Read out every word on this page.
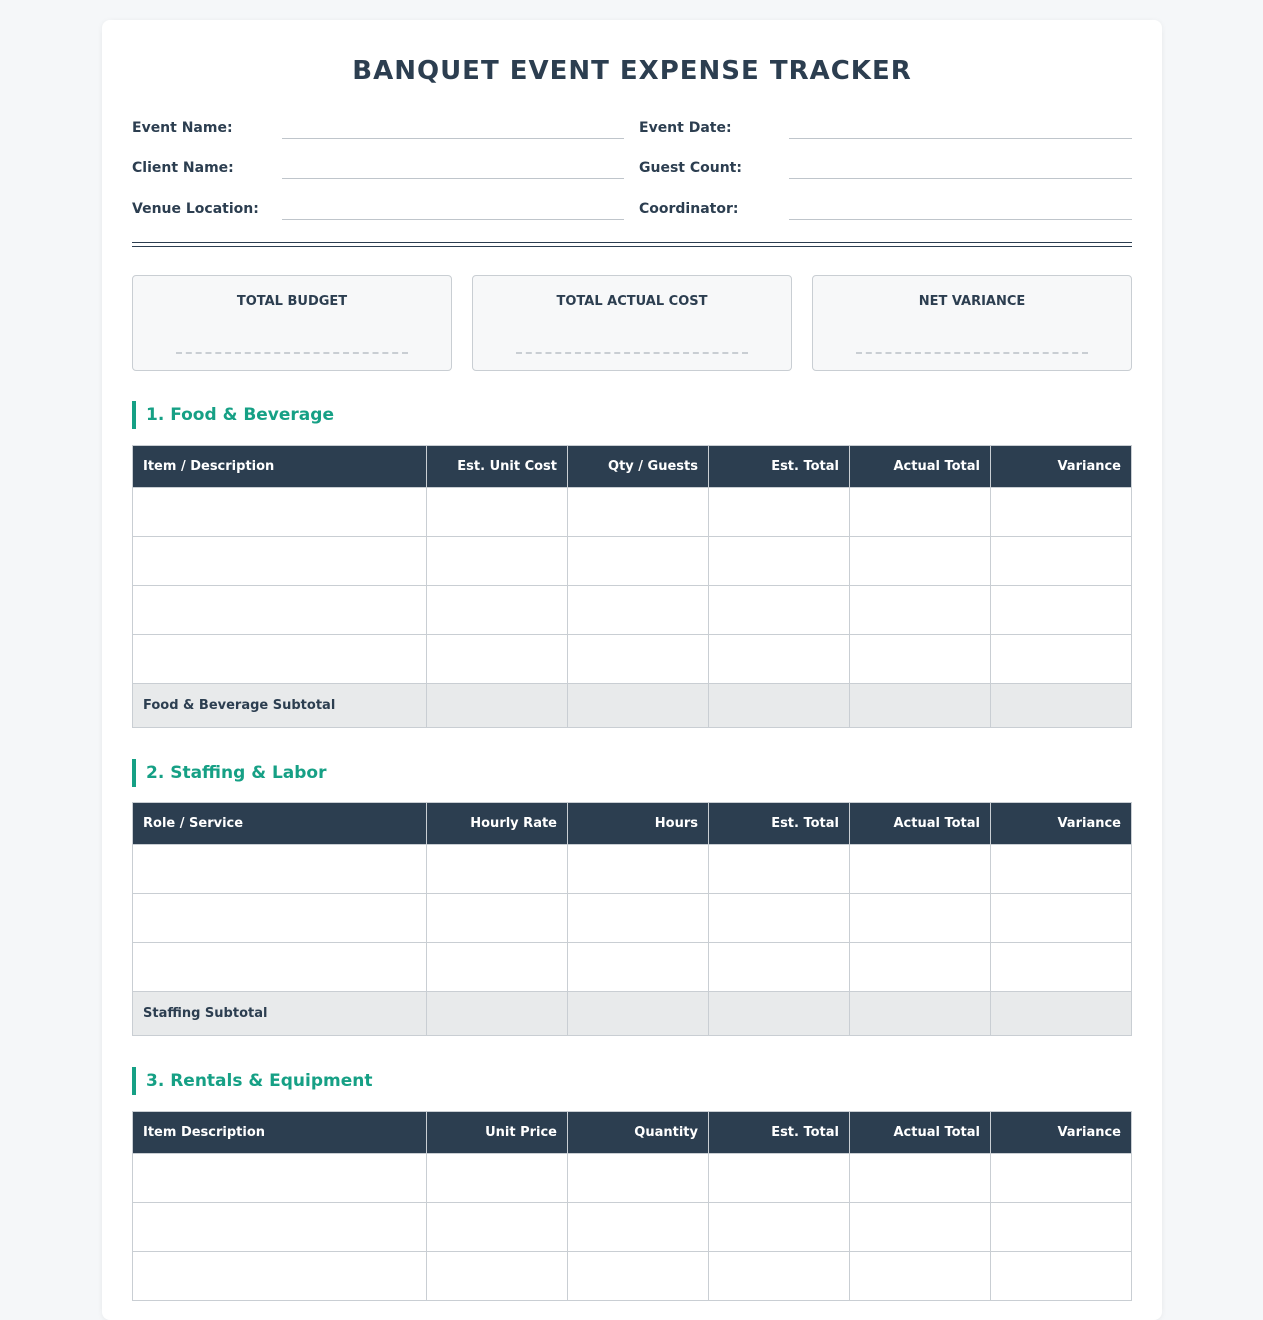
BANQUET EVENT EXPENSE TRACKER
Event Name:	Event Date:
Client Name:	Guest Count:
Venue Location:	Coordinator:
TOTAL BUDGET	TOTAL ACTUAL COST	NET VARIANCE
1. Food & Beverage
Item / Description	Est. Unit Cost	Qty / Guests	Est. Total	Actual Total	Variance

Food & Beverage Subtotal					
2. Staffing & Labor
Role / Service	Hourly Rate	Hours	Est. Total	Actual Total	Variance

Staffing Subtotal					
3. Rentals & Equipment
Item Description	Unit Price	Quantity	Est. Total	Actual Total	Variance
